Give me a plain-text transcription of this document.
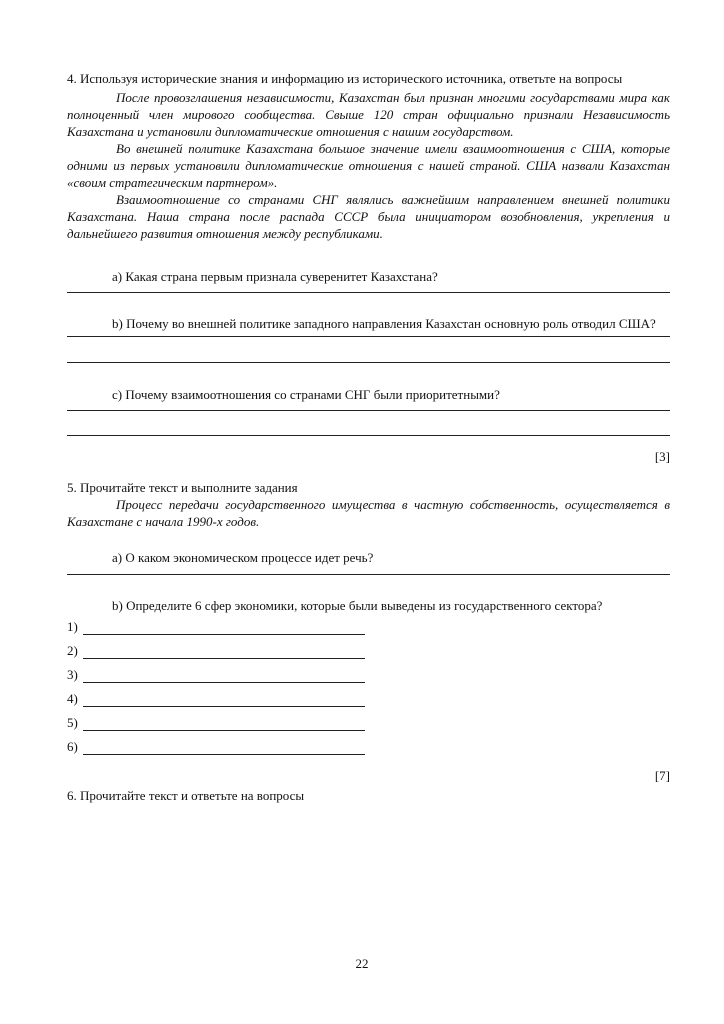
4. Используя исторические знания и информацию из исторического источника, ответьте на вопросы

После провозглашения независимости, Казахстан был признан многими государствами мира как полноценный член мирового сообщества. Свыше 120 стран официально признали Независимость Казахстана и установили дипломатические отношения с нашим государством.

Во внешней политике Казахстана большое значение имели взаимоотношения с США, которые одними из первых установили дипломатические отношения с нашей страной. США назвали Казахстан «своим стратегическим партнером».

Взаимоотношение со странами СНГ являлись важнейшим направлением внешней политики Казахстана. Наша страна после распада СССР была инициатором возобновления, укрепления и дальнейшего развития отношения между республиками.

а) Какая страна первым признала суверенитет Казахстана?

b) Почему во внешней политике западного направления Казахстан основную роль отводил США?

c) Почему взаимоотношения со странами СНГ были приоритетными?

[3]

5. Прочитайте текст и выполните задания

Процесс передачи государственного имущества в частную собственность, осуществляется в Казахстане с начала 1990-х годов.

а) О каком экономическом процессе идет речь?

b) Определите 6 сфер экономики, которые были выведены из государственного сектора?

1)
2)
3)
4)
5)
6)

[7]

6. Прочитайте текст и ответьте на вопросы

22
